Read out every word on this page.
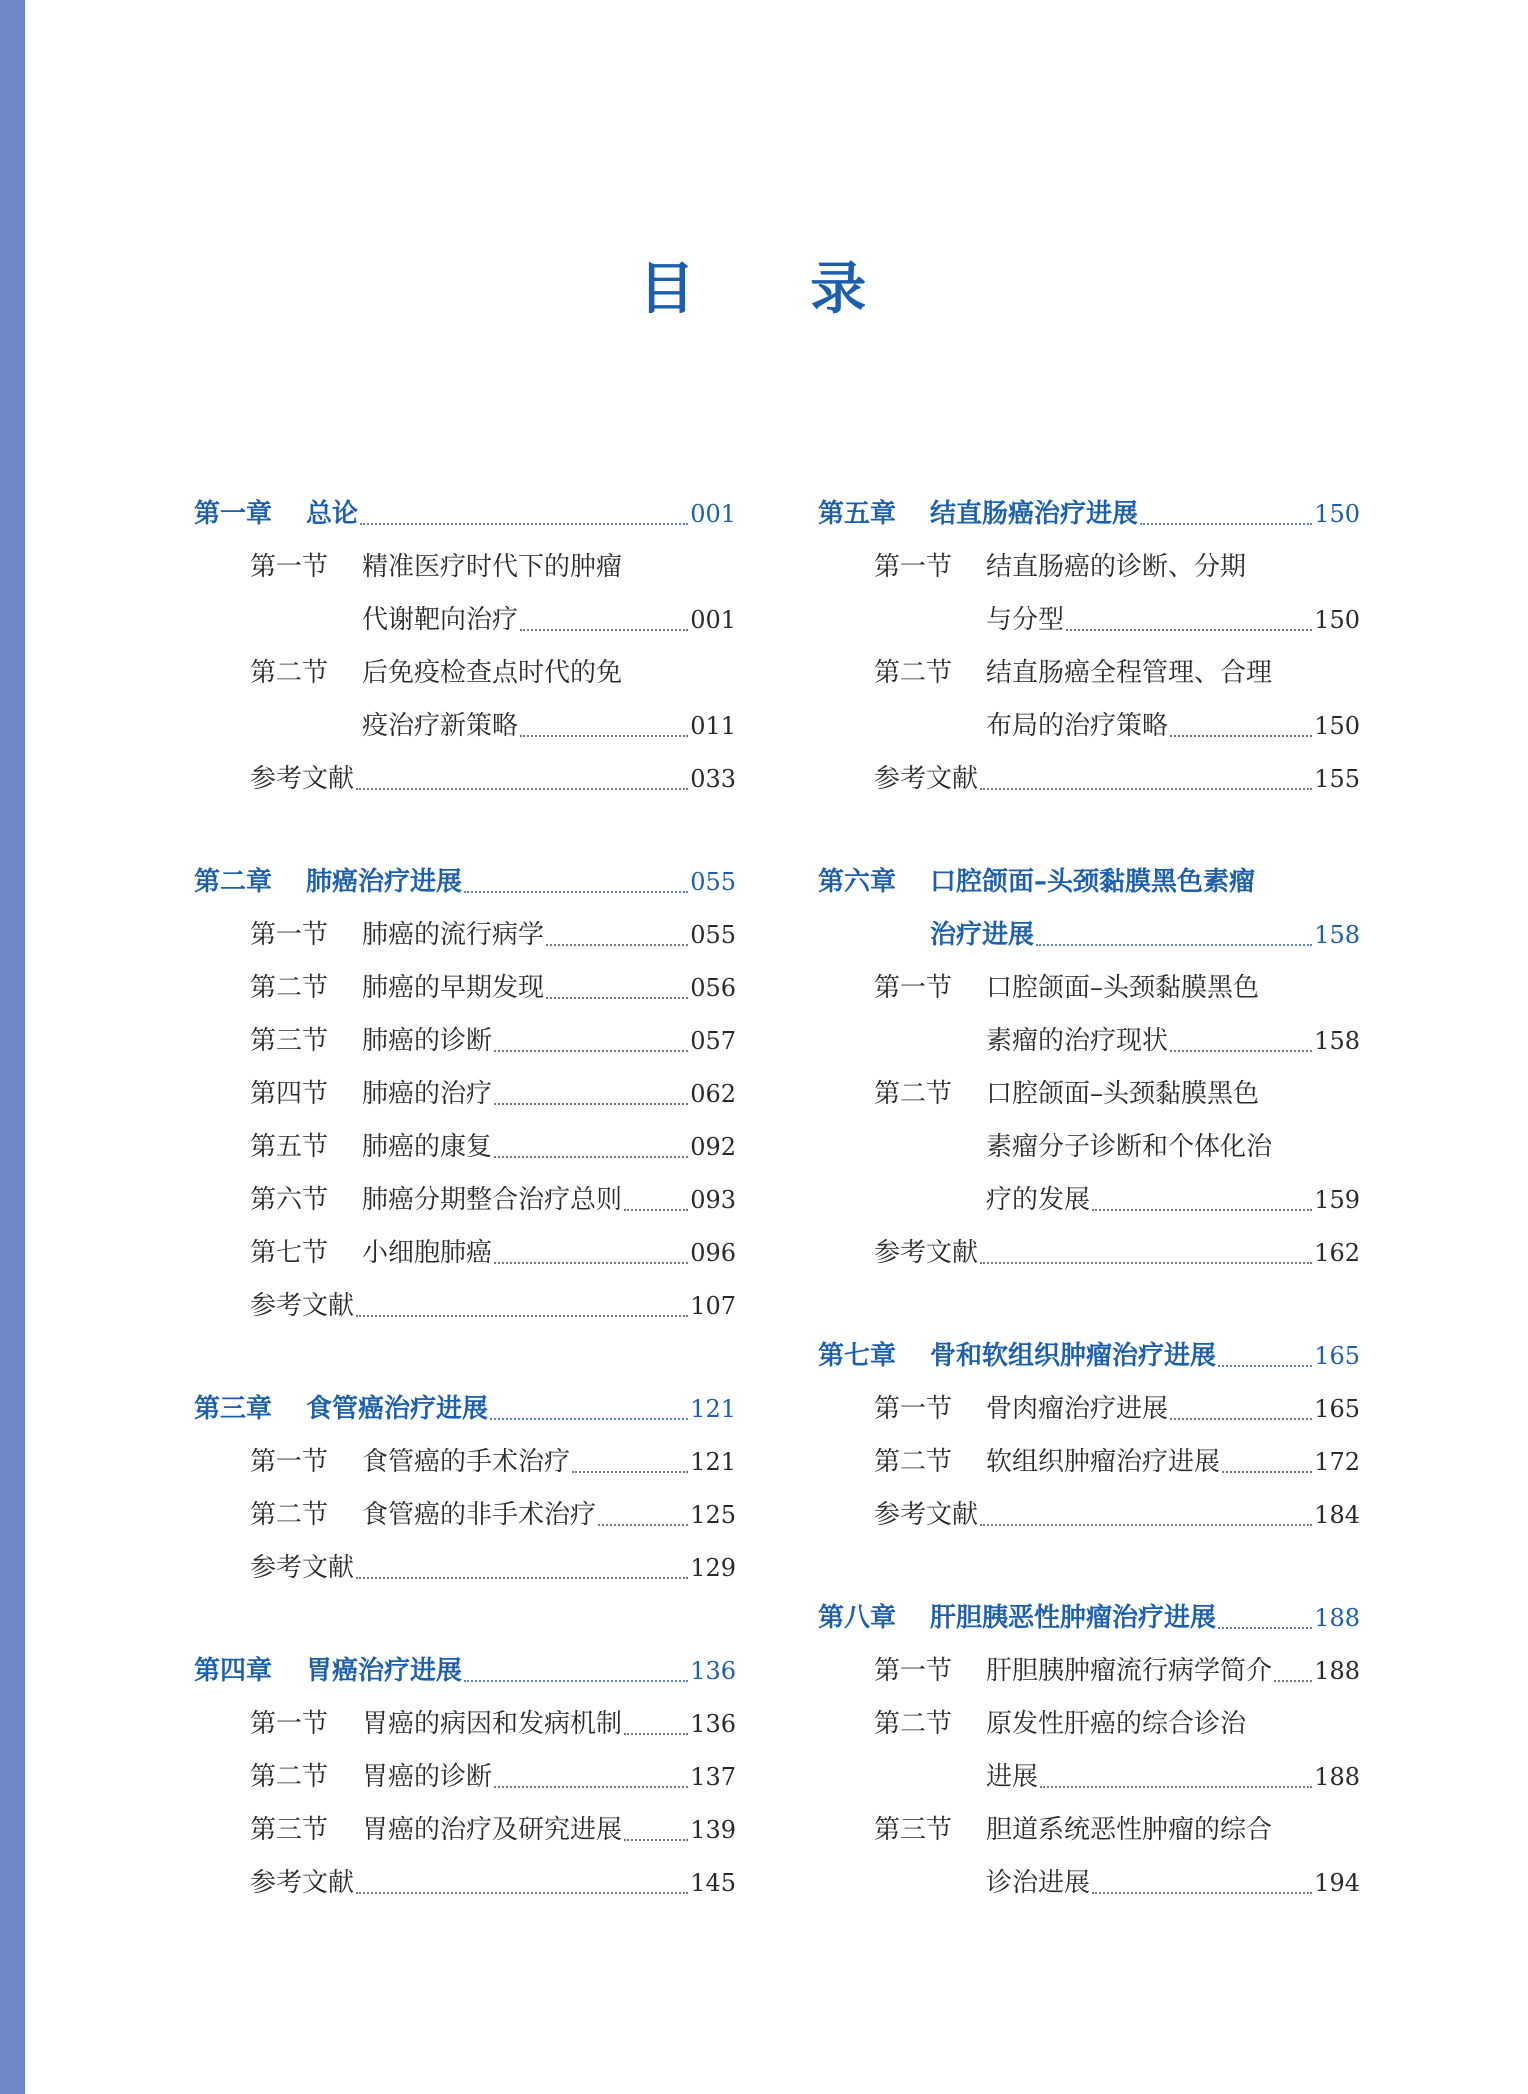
目 录
第一章	总论	001
第一节	精准医疗时代下的肿瘤
代谢靶向治疗	001
第二节	后免疫检查点时代的免
疫治疗新策略	011
参考文献	033
第二章	肺癌治疗进展	055
第一节	肺癌的流行病学	055
第二节	肺癌的早期发现	056
第三节	肺癌的诊断	057
第四节	肺癌的治疗	062
第五节	肺癌的康复	092
第六节	肺癌分期整合治疗总则	093
第七节	小细胞肺癌	096
参考文献	107
第三章	食管癌治疗进展	121
第一节	食管癌的手术治疗	121
第二节	食管癌的非手术治疗	125
参考文献	129
第四章	胃癌治疗进展	136
第一节	胃癌的病因和发病机制	136
第二节	胃癌的诊断	137
第三节	胃癌的治疗及研究进展	139
参考文献	145
第五章	结直肠癌治疗进展	150
第一节	结直肠癌的诊断、分期
与分型	150
第二节	结直肠癌全程管理、合理
布局的治疗策略	150
参考文献	155
第六章	口腔颌面–头颈黏膜黑色素瘤
治疗进展	158
第一节	口腔颌面–头颈黏膜黑色
素瘤的治疗现状	158
第二节	口腔颌面–头颈黏膜黑色
素瘤分子诊断和个体化治
疗的发展	159
参考文献	162
第七章	骨和软组织肿瘤治疗进展	165
第一节	骨肉瘤治疗进展	165
第二节	软组织肿瘤治疗进展	172
参考文献	184
第八章	肝胆胰恶性肿瘤治疗进展	188
第一节	肝胆胰肿瘤流行病学简介 188
第二节	原发性肝癌的综合诊治
进展	188
第三节	胆道系统恶性肿瘤的综合
诊治进展	194
